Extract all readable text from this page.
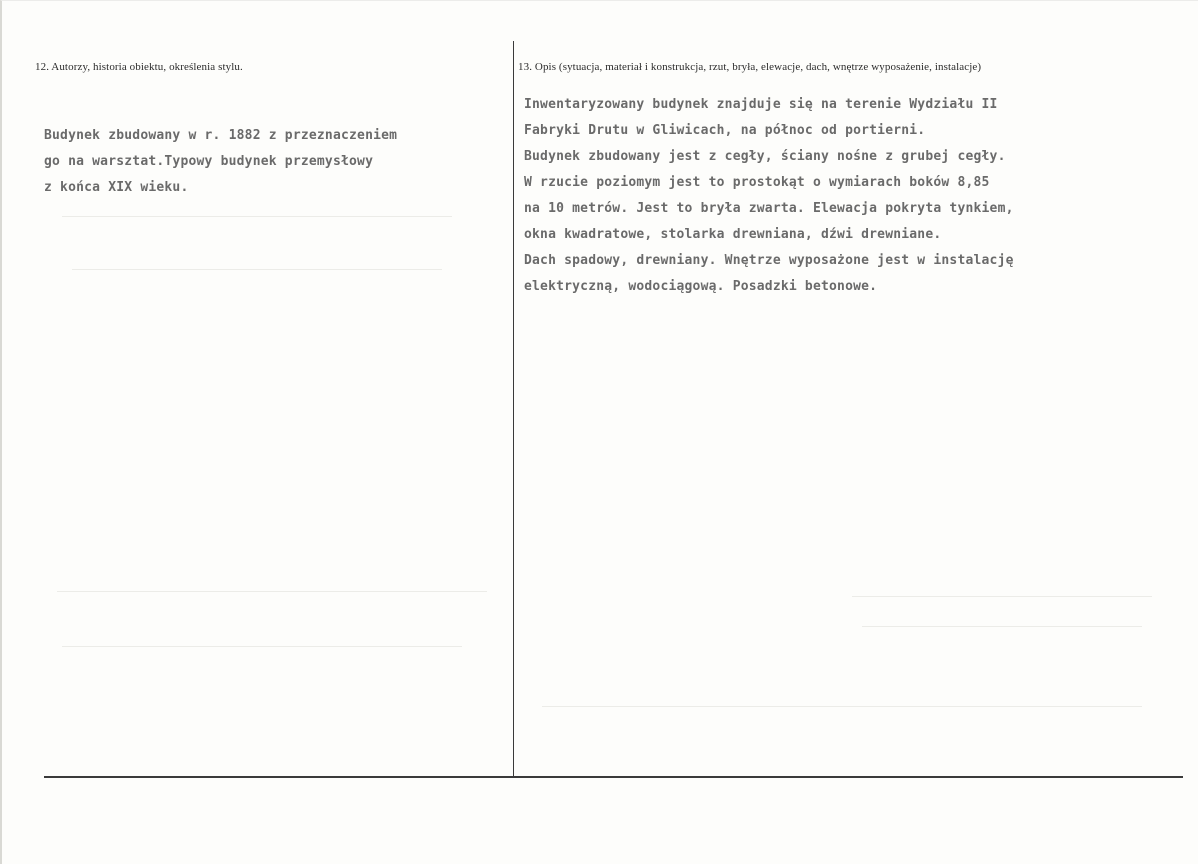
12. Autorzy, historia obiektu, określenia stylu.	13. Opis (sytuacja, materiał i konstrukcja, rzut, bryła, elewacje, dach, wnętrze wyposażenie, instalacje)
Budynek zbudowany w r. 1882 z przeznaczeniem
go na warsztat.Typowy budynek przemysłowy
z końca XIX wieku.
Inwentaryzowany budynek znajduje się na terenie Wydziału II
Fabryki Drutu w Gliwicach, na północ od portierni.
Budynek zbudowany jest z cegły, ściany nośne z grubej cegły.
W rzucie poziomym jest to prostokąt o wymiarach boków 8,85
na 10 metrów. Jest to bryła zwarta. Elewacja pokryta tynkiem,
okna kwadratowe, stolarka drewniana, dźwi drewniane.
Dach spadowy, drewniany. Wnętrze wyposażone jest w instalację
elektryczną, wodociągową. Posadzki betonowe.
